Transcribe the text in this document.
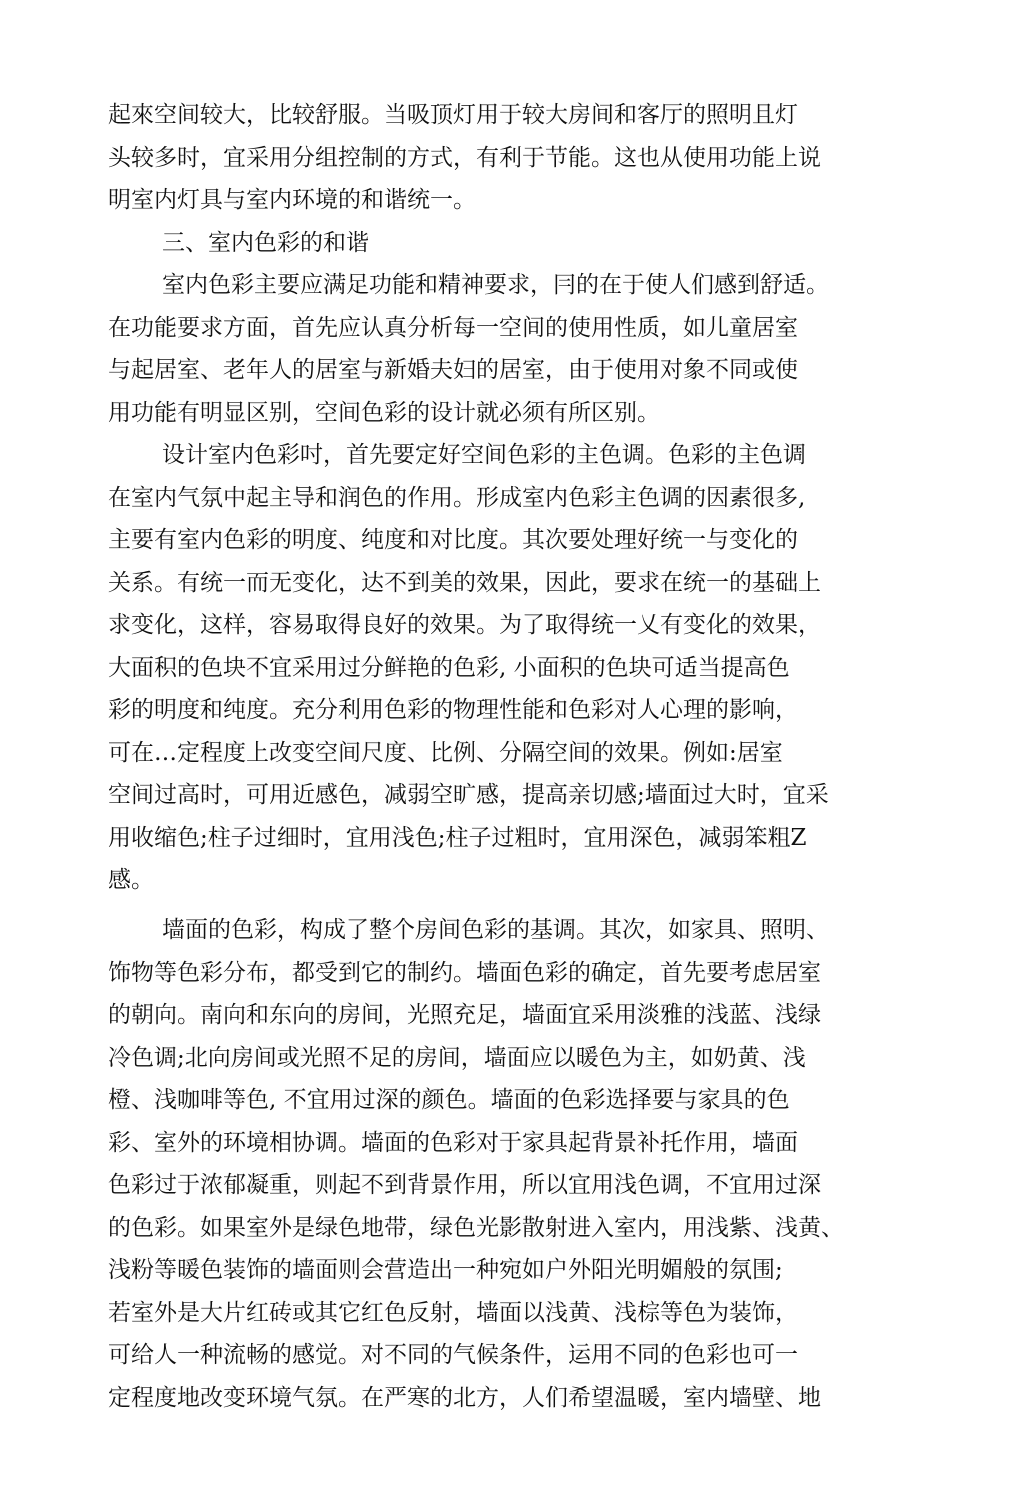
起來空间较大，比较舒服。当吸顶灯用于较大房间和客厅的照明且灯
头较多时，宜采用分组控制的方式，有利于节能。这也从使用功能上说
明室内灯具与室内环境的和谐统一。
三、室内色彩的和谐
室内色彩主要应满足功能和精神要求，冃的在于使人们感到舒适。
在功能要求方面，首先应认真分析每一空间的使用性质，如儿童居室
与起居室、老年人的居室与新婚夫妇的居室，由于使用对象不同或使
用功能有明显区别，空间色彩的设计就必须有所区别。
设计室内色彩吋，首先要定好空间色彩的主色调。色彩的主色调
在室内气氛中起主导和润色的作用。形成室内色彩主色调的因素很多,
主要有室内色彩的明度、纯度和对比度。其次要处理好统一与变化的
关系。有统一而无变化，达不到美的效果，因此，要求在统一的基础上
求变化，这样，容易取得良好的效果。为了取得统一乂有变化的效果，
大面积的色块不宜采用过分鲜艳的色彩, 小面积的色块可适当提高色
彩的明度和纯度。充分利用色彩的物理性能和色彩对人心理的影响，
可在…定程度上改变空间尺度、比例、分隔空间的效果。例如:居室
空间过高时，可用近感色，减弱空旷感，提高亲切感;墙面过大时，宜采
用收缩色;柱子过细时，宜用浅色;柱子过粗时，宜用深色，减弱笨粗Z
感。
墙面的色彩，构成了整个房间色彩的基调。其次，如家具、照明、
饰物等色彩分布，都受到它的制约。墙面色彩的确定，首先要考虑居室
的朝向。南向和东向的房间，光照充足，墙面宜采用淡雅的浅蓝、浅绿
冷色调;北向房间或光照不足的房间，墙面应以暖色为主，如奶黄、浅
橙、浅咖啡等色, 不宜用过深的颜色。墙面的色彩选择要与家具的色
彩、室外的环境相协调。墙面的色彩对于家具起背景补托作用，墙面
色彩过于浓郁凝重，则起不到背景作用，所以宜用浅色调，不宜用过深
的色彩。如果室外是绿色地带，绿色光影散射进入室内，用浅紫、浅黄、
浅粉等暖色装饰的墙面则会营造出一种宛如户外阳光明媚般的氛围;
若室外是大片红砖或其它红色反射，墙面以浅黄、浅棕等色为装饰，
可给人一种流畅的感觉。对不同的气候条件，运用不同的色彩也可一
定程度地改变环境气氛。在严寒的北方，人们希望温暖，室内墙壁、地
